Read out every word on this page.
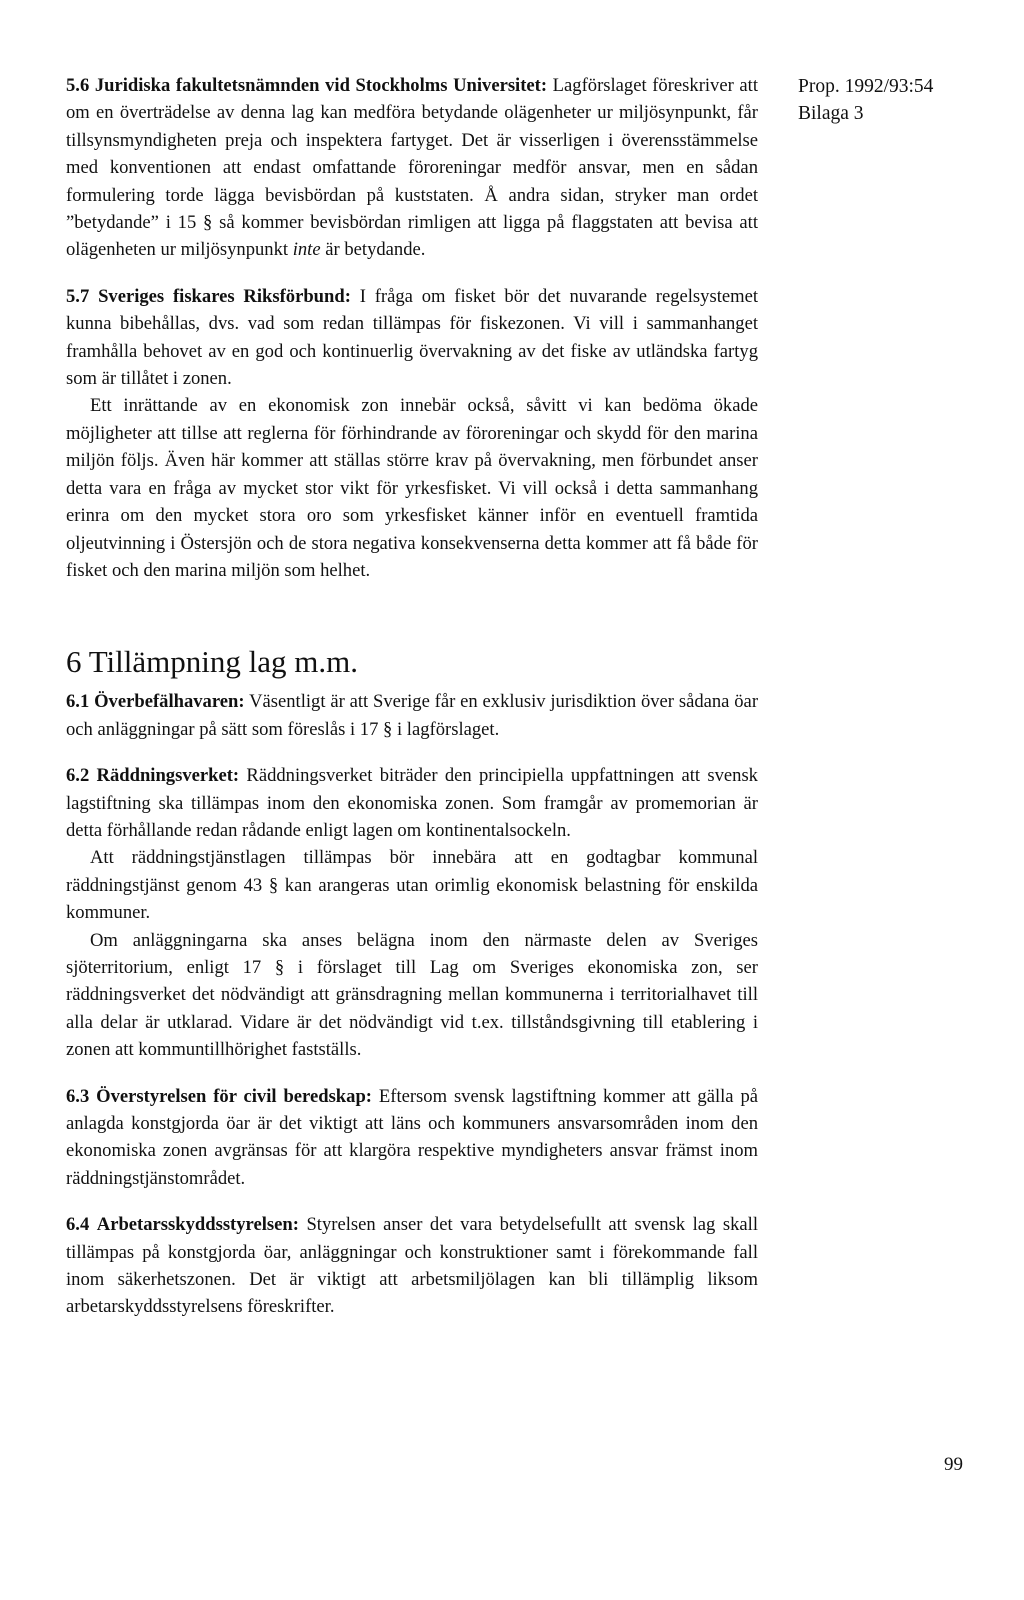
Prop. 1992/93:54
Bilaga 3

5.6 Juridiska fakultetsnämnden vid Stockholms Universitet: Lagförslaget föreskriver att om en överträdelse av denna lag kan medföra betydande olägenheter ur miljösynpunkt, får tillsynsmyndigheten preja och inspektera fartyget. Det är visserligen i överensstämmelse med konventionen att endast omfattande föroreningar medför ansvar, men en sådan formulering torde lägga bevisbördan på kuststaten. Å andra sidan, stryker man ordet ”betydande” i 15 § så kommer bevisbördan rimligen att ligga på flaggstaten att bevisa att olägenheten ur miljösynpunkt inte är betydande.

5.7 Sveriges fiskares Riksförbund: I fråga om fisket bör det nuvarande regelsystemet kunna bibehållas, dvs. vad som redan tillämpas för fiskezonen. Vi vill i sammanhanget framhålla behovet av en god och kontinuerlig övervakning av det fiske av utländska fartyg som är tillåtet i zonen.

Ett inrättande av en ekonomisk zon innebär också, såvitt vi kan bedöma ökade möjligheter att tillse att reglerna för förhindrande av föroreningar och skydd för den marina miljön följs. Även här kommer att ställas större krav på övervakning, men förbundet anser detta vara en fråga av mycket stor vikt för yrkesfisket. Vi vill också i detta sammanhang erinra om den mycket stora oro som yrkesfisket känner inför en eventuell framtida oljeutvinning i Östersjön och de stora negativa konsekvenserna detta kommer att få både för fisket och den marina miljön som helhet.

6 Tillämpning lag m.m.

6.1 Överbefälhavaren: Väsentligt är att Sverige får en exklusiv jurisdiktion över sådana öar och anläggningar på sätt som föreslås i 17 § i lagförslaget.

6.2 Räddningsverket: Räddningsverket biträder den principiella uppfattningen att svensk lagstiftning ska tillämpas inom den ekonomiska zonen. Som framgår av promemorian är detta förhållande redan rådande enligt lagen om kontinentalsockeln.

Att räddningstjänstlagen tillämpas bör innebära att en godtagbar kommunal räddningstjänst genom 43 § kan arangeras utan orimlig ekonomisk belastning för enskilda kommuner.

Om anläggningarna ska anses belägna inom den närmaste delen av Sveriges sjöterritorium, enligt 17 § i förslaget till Lag om Sveriges ekonomiska zon, ser räddningsverket det nödvändigt att gränsdragning mellan kommunerna i territorialhavet till alla delar är utklarad. Vidare är det nödvändigt vid t.ex. tillståndsgivning till etablering i zonen att kommuntillhörighet fastställs.

6.3 Överstyrelsen för civil beredskap: Eftersom svensk lagstiftning kommer att gälla på anlagda konstgjorda öar är det viktigt att läns och kommuners ansvarsområden inom den ekonomiska zonen avgränsas för att klargöra respektive myndigheters ansvar främst inom räddningstjänstområdet.

6.4 Arbetarsskyddsstyrelsen: Styrelsen anser det vara betydelsefullt att svensk lag skall tillämpas på konstgjorda öar, anläggningar och konstruktioner samt i förekommande fall inom säkerhetszonen. Det är viktigt att arbetsmiljölagen kan bli tillämplig liksom arbetarskyddsstyrelsens föreskrifter.

99
